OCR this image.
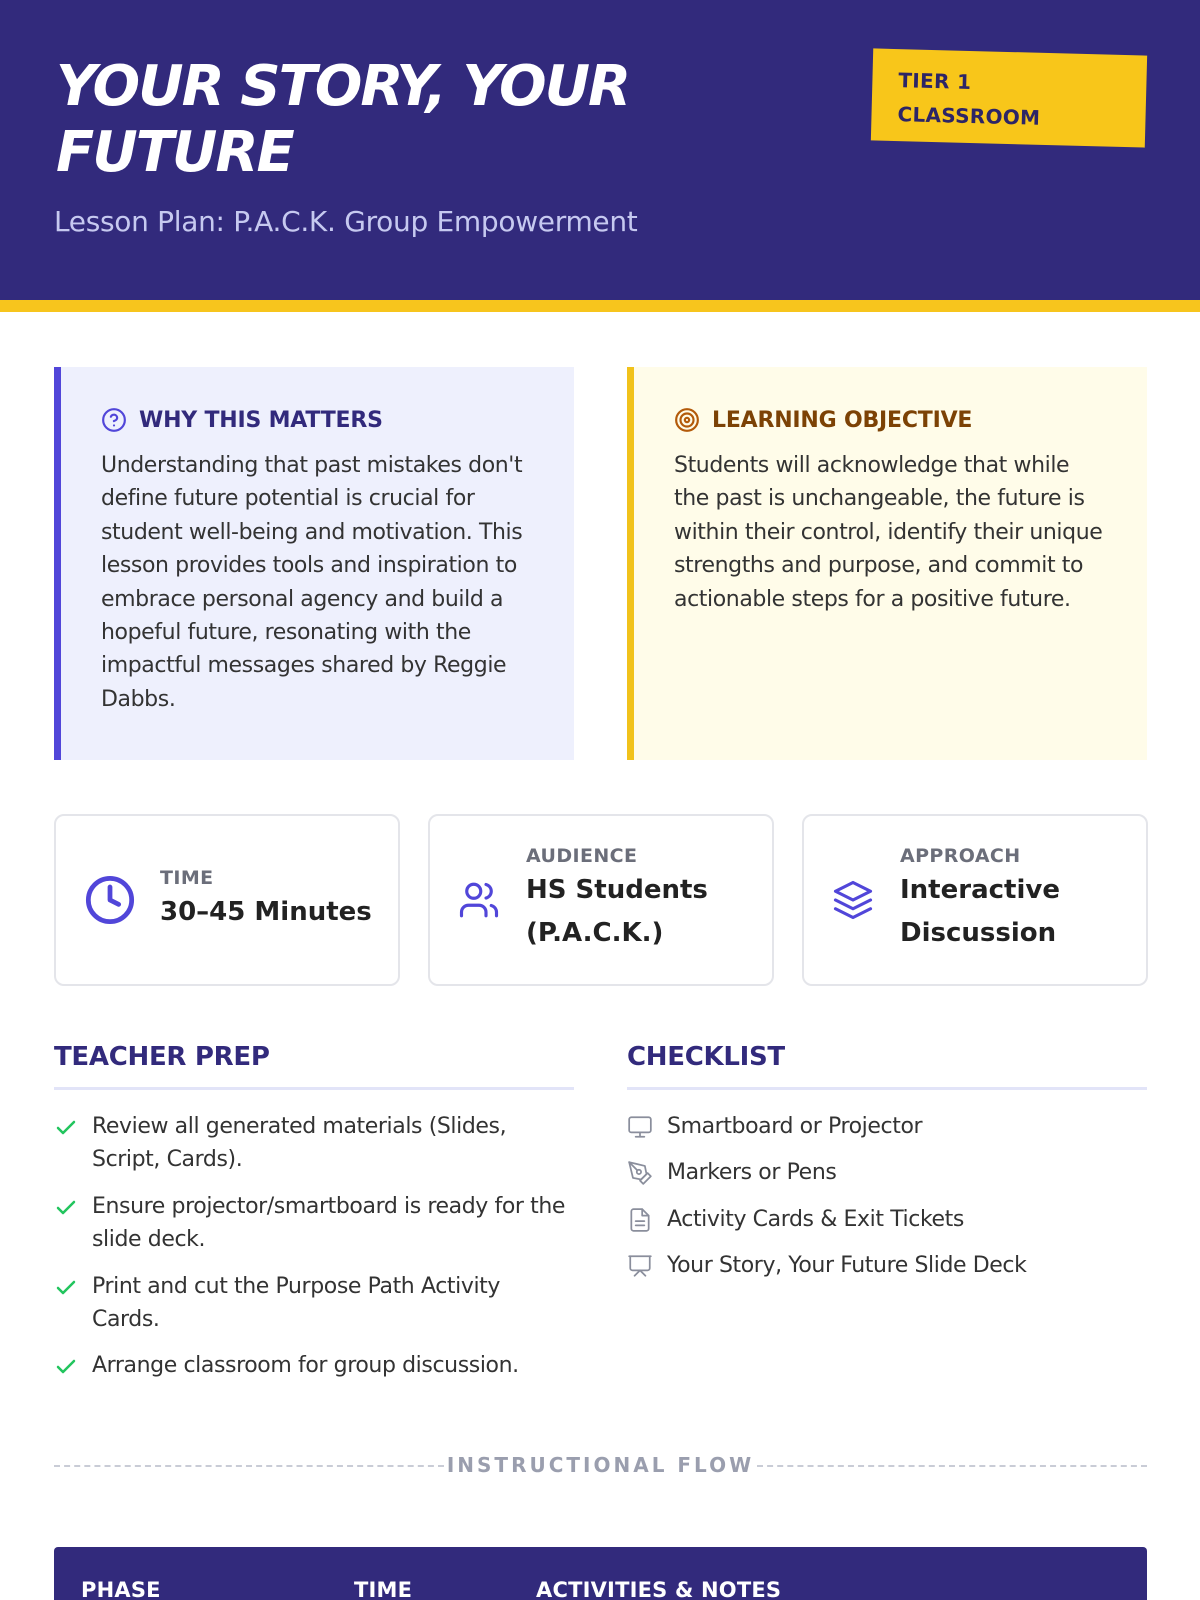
YOUR STORY, YOUR FUTURE
Lesson Plan: P.A.C.K. Group Empowerment
TIER 1
CLASSROOM
WHY THIS MATTERS

Understanding that past mistakes don't define future potential is crucial for student well-being and motivation. This lesson provides tools and inspiration to embrace personal agency and build a hopeful future, resonating with the impactful messages shared by Reggie Dabbs.

LEARNING OBJECTIVE

Students will acknowledge that while the past is unchangeable, the future is within their control, identify their unique strengths and purpose, and commit to actionable steps for a positive future.

TIME
30–45 Minutes
AUDIENCE
HS Students
(P.A.C.K.)
APPROACH
Interactive
Discussion
TEACHER PREP
Review all generated materials (Slides, Script, Cards).
Ensure projector/smartboard is ready for the slide deck.
Print and cut the Purpose Path Activity Cards.
Arrange classroom for group discussion.
CHECKLIST
Smartboard or Projector
Markers or Pens
Activity Cards & Exit Tickets
Your Story, Your Future Slide Deck
INSTRUCTIONAL FLOW
PHASE	TIME	ACTIVITIES & NOTES
